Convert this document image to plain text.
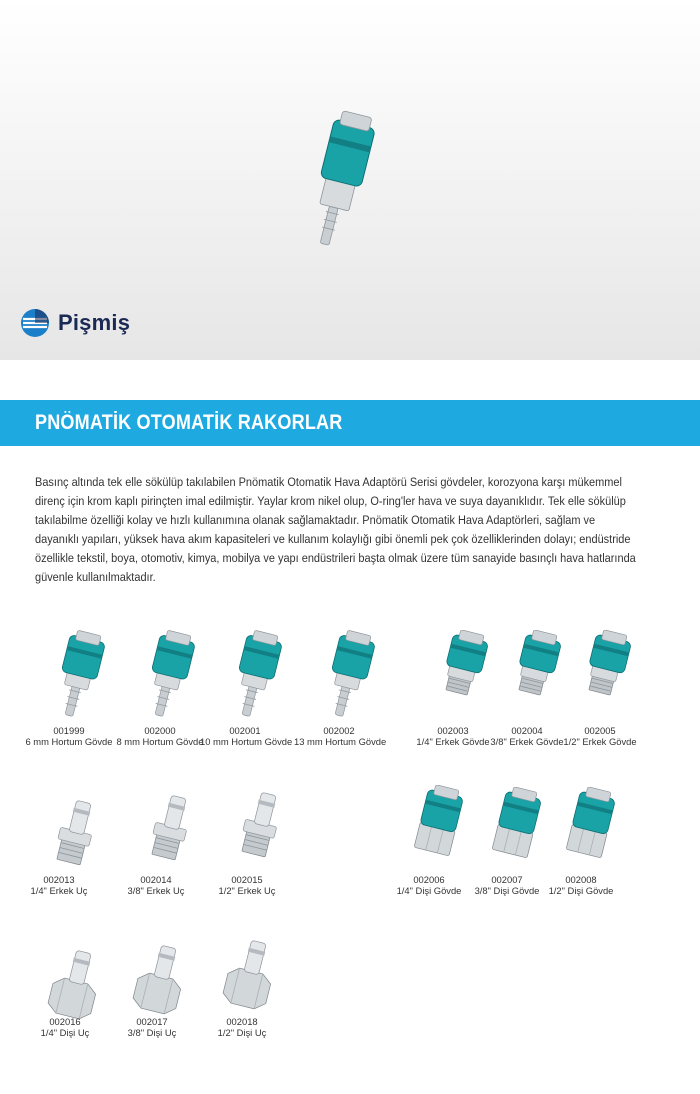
Pişmiş
PNÖMATİK OTOMATİK RAKORLAR

Basınç altında tek elle sökülüp takılabilen Pnömatik Otomatik Hava Adaptörü Serisi gövdeler, korozyona karşı mükemmel

direnç için krom kaplı pirinçten imal edilmiştir. Yaylar krom nikel olup, O-ring'ler hava ve suya dayanıklıdır. Tek elle sökülüp

takılabilme özelliği kolay ve hızlı kullanımına olanak sağlamaktadır. Pnömatik Otomatik Hava Adaptörleri, sağlam ve

dayanıklı yapıları, yüksek hava akım kapasiteleri ve kullanım kolaylığı gibi önemli pek çok özelliklerinden dolayı; endüstride

özellikle tekstil, boya, otomotiv, kimya, mobilya ve yapı endüstrileri başta olmak üzere tüm sanayide basınçlı hava hatlarında

güvenle kullanılmaktadır.

001999
6 mm Hortum Gövde
002000
8 mm Hortum Gövde
002001
10 mm Hortum Gövde
002002
13 mm Hortum Gövde
002003
1/4" Erkek Gövde
002004
3/8" Erkek Gövde
002005
1/2" Erkek Gövde
002013
1/4" Erkek Uç
002014
3/8" Erkek Uç
002015
1/2" Erkek Uç
002006
1/4" Dişi Gövde
002007
3/8" Dişi Gövde
002008
1/2" Dişi Gövde
002016
1/4" Dişi Uç
002017
3/8" Dişi Uç
002018
1/2" Dişi Uç
